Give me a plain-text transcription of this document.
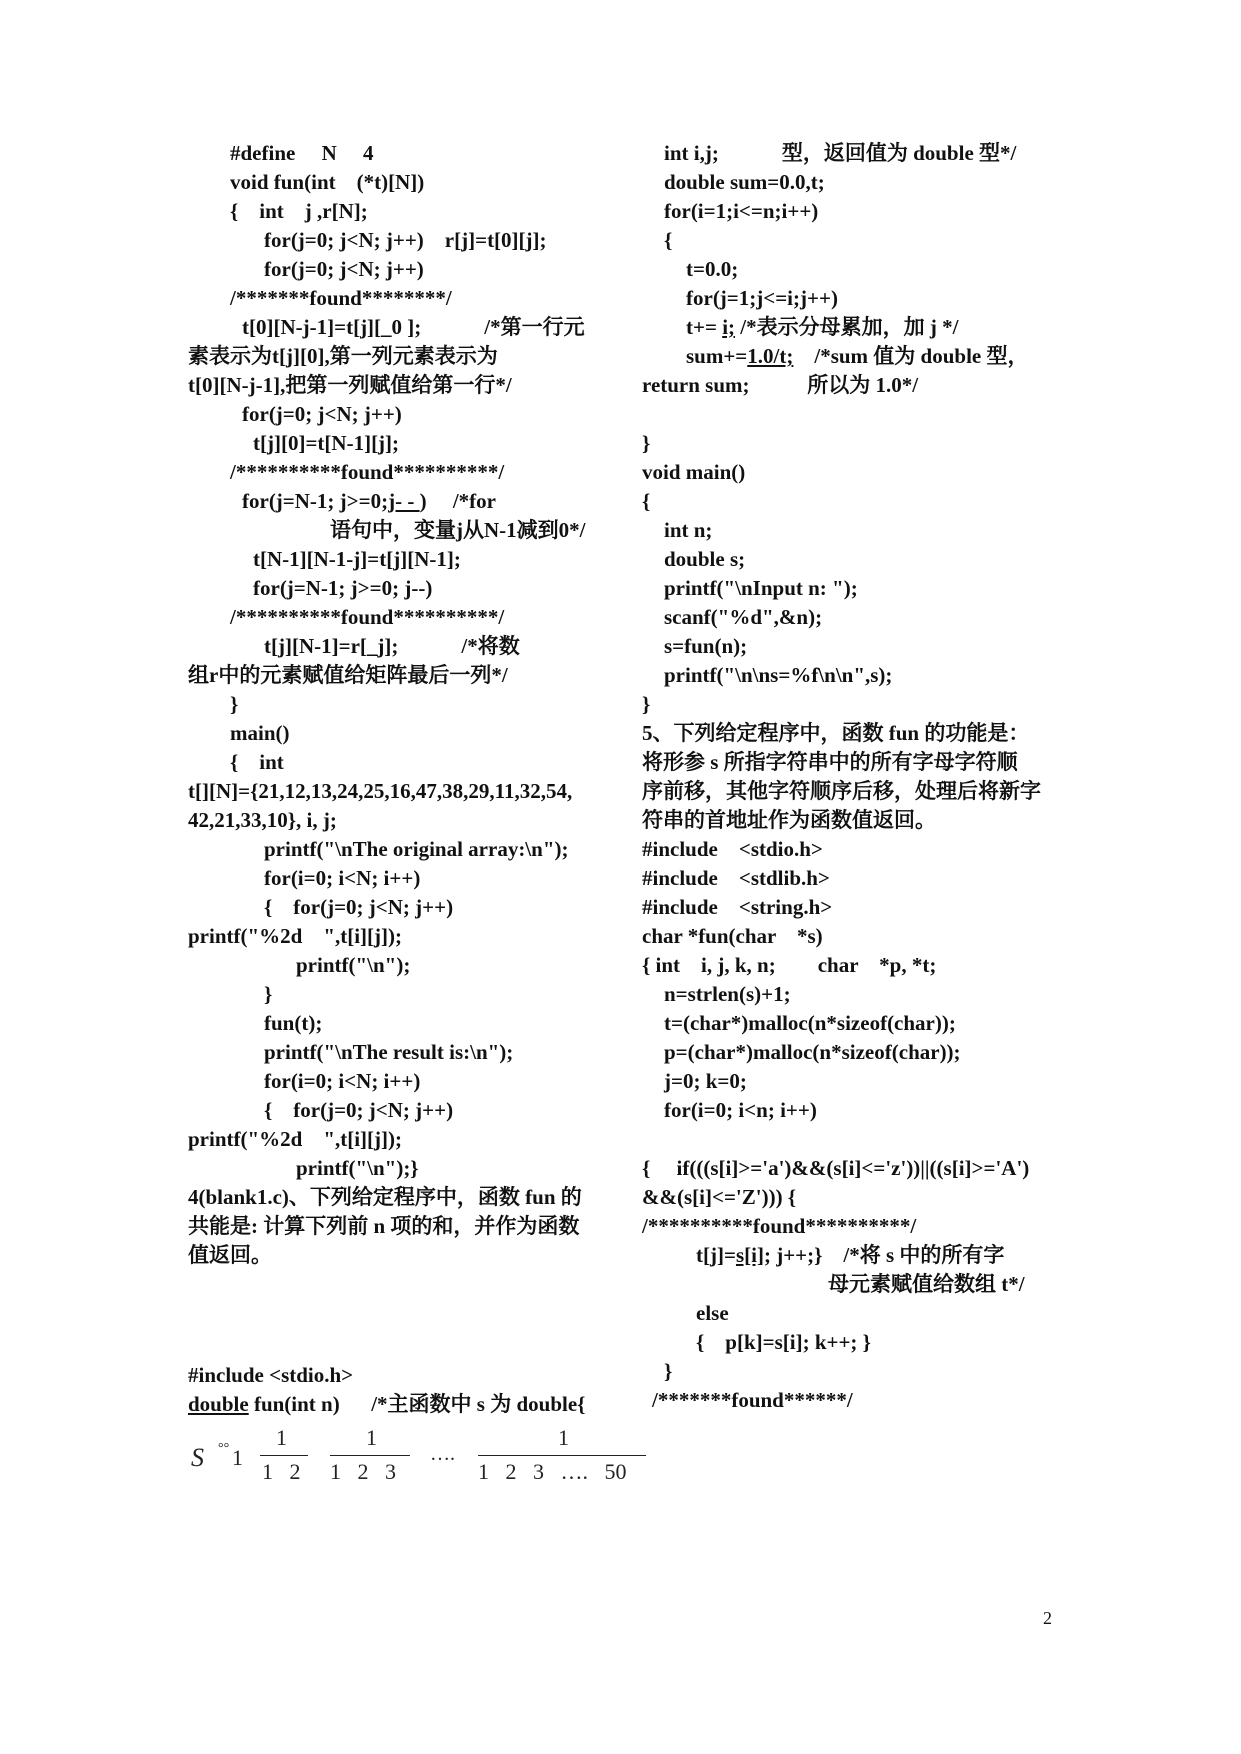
#define     N     4
void fun(int    (*t)[N])
{    int    j ,r[N];
for(j=0; j<N; j++)    r[j]=t[0][j];
for(j=0; j<N; j++)
/*******found********/
t[0][N-j-1]=t[j][_0 ];            /*第一行元
素表示为t[j][0],第一列元素表示为
t[0][N-j-1],把第一列赋值给第一行*/
for(j=0; j<N; j++)
t[j][0]=t[N-1][j];
/**********found**********/
for(j=N-1; j>=0;j- - )     /*for
语句中，变量j从N-1减到0*/
t[N-1][N-1-j]=t[j][N-1];
for(j=N-1; j>=0; j--)
/**********found**********/
t[j][N-1]=r[_j];            /*将数
组r中的元素赋值给矩阵最后一列*/
}
main()
{    int
t[][N]={21,12,13,24,25,16,47,38,29,11,32,54,
42,21,33,10}, i, j;
printf("\nThe original array:\n");
for(i=0; i<N; i++)
{    for(j=0; j<N; j++)
printf("%2d    ",t[i][j]);
printf("\n");
}
fun(t);
printf("\nThe result is:\n");
for(i=0; i<N; i++)
{    for(j=0; j<N; j++)
printf("%2d    ",t[i][j]);
printf("\n");}
4(blank1.c)、下列给定程序中，函数 fun 的
共能是: 计算下列前 n 项的和，并作为函数
值返回。
#include <stdio.h>
double fun(int n)      /*主函数中 s 为 double{
S °° 1
1
1   2
1
1   2   3
….
1
1   2   3   ….   50
int i,j;            型，返回值为 double 型*/
double sum=0.0,t;
for(i=1;i<=n;i++)
{
t=0.0;
for(j=1;j<=i;j++)
t+= i; /*表示分母累加，加 j */
sum+=1.0/t; /*sum 值为 double 型，
return sum;           所以为 1.0*/
}
void main()
{
int n;
double s;
printf("\nInput n: ");
scanf("%d",&n);
s=fun(n);
printf("\n\ns=%f\n\n",s);
}
5、下列给定程序中，函数 fun 的功能是：
将形参 s 所指字符串中的所有字母字符顺
序前移，其他字符顺序后移，处理后将新字
符串的首地址作为函数值返回。
#include    <stdio.h>
#include    <stdlib.h>
#include    <string.h>
char *fun(char    *s)
{ int    i, j, k, n;        char    *p, *t;
n=strlen(s)+1;
t=(char*)malloc(n*sizeof(char));
p=(char*)malloc(n*sizeof(char));
j=0; k=0;
for(i=0; i<n; i++)
{     if(((s[i]>='a')&&(s[i]<='z'))||((s[i]>='A')
&&(s[i]<='Z'))) {
/**********found**********/
t[j]=s[i]; j++;}    /*将 s 中的所有字
母元素赋值给数组 t*/
else
{    p[k]=s[i]; k++; }
}
/*******found******/
2
